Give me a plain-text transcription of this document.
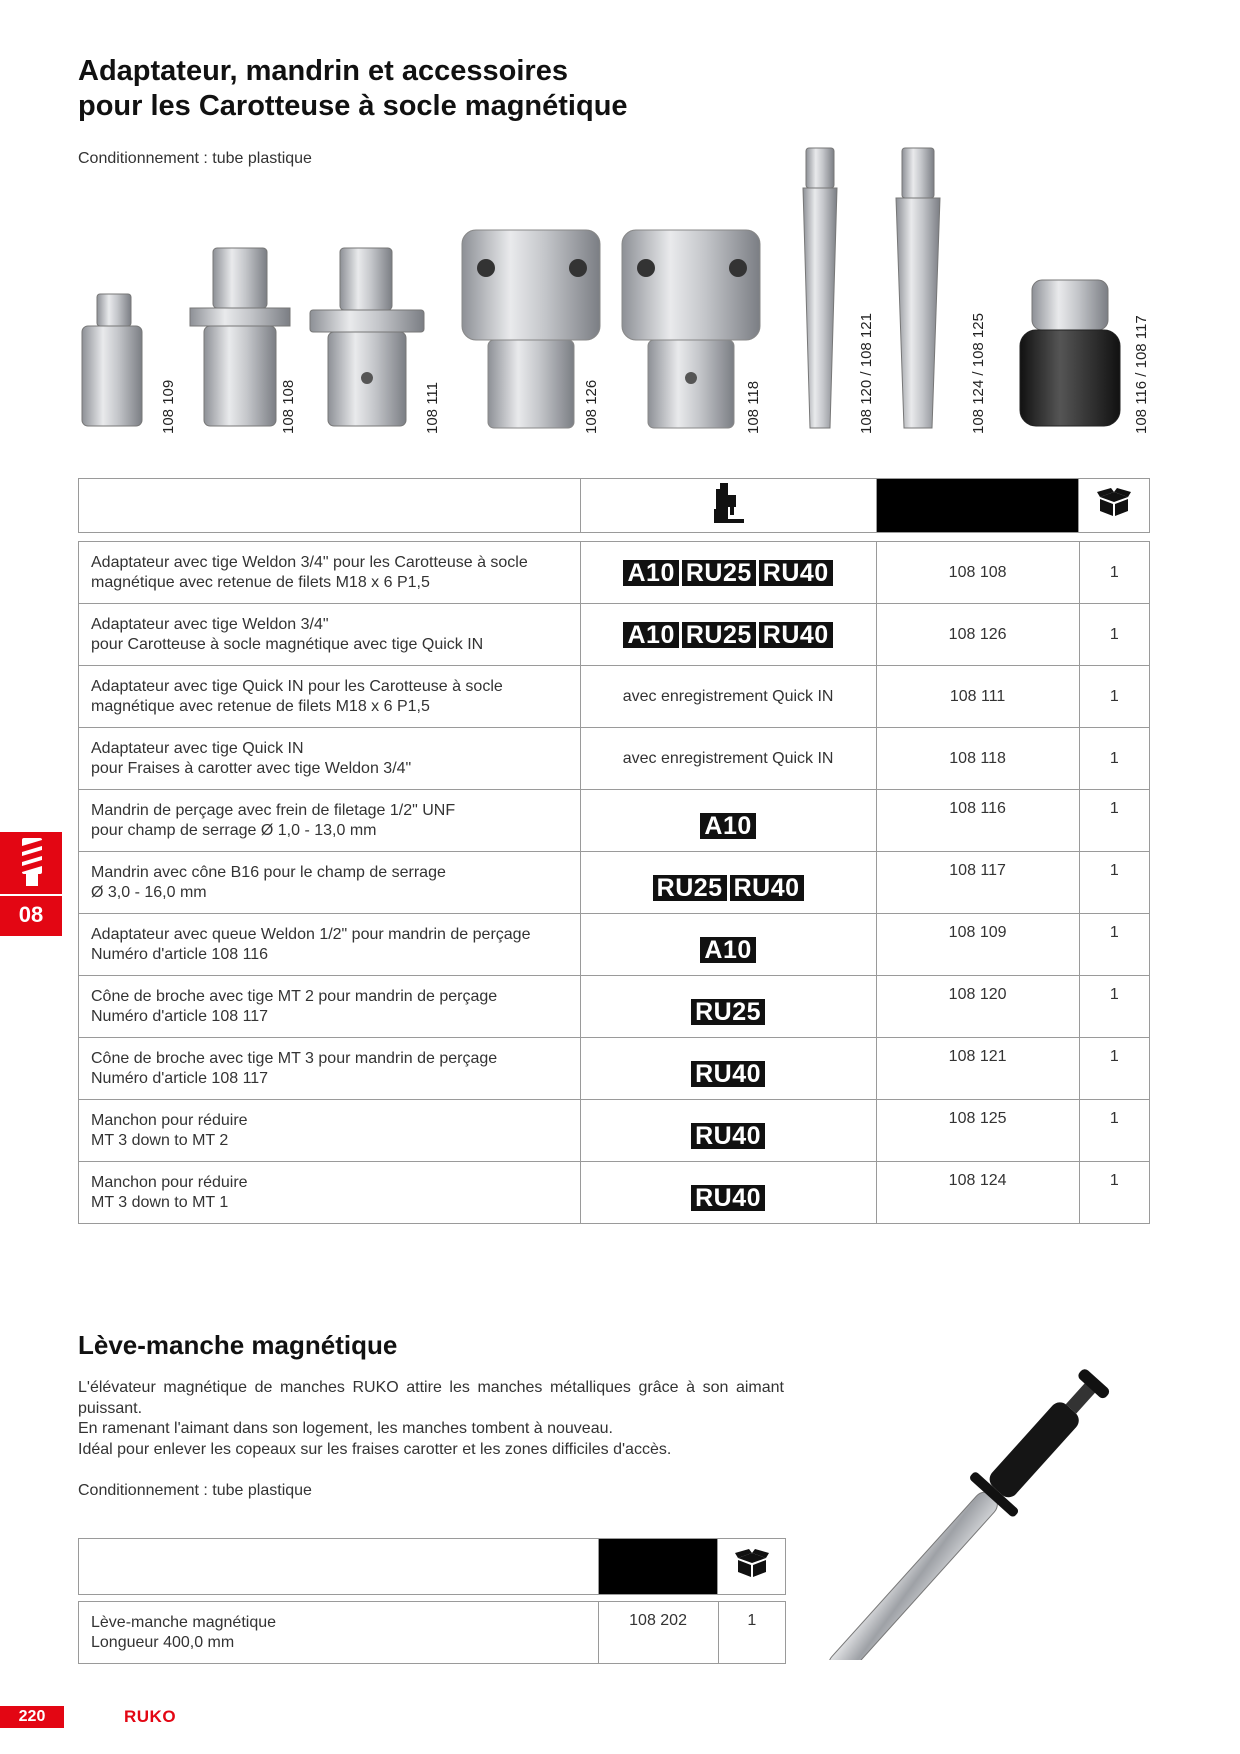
Adaptateur, mandrin et accessoires
pour les Carotteuse à socle magnétique
Conditionnement : tube plastique
108 109	108 108	108 111	108 126	108 118	108 120 / 108 121	108 124 / 108 125	108 116 / 108 117

Adaptateur avec tige Weldon 3/4" pour les Carotteuse à socle
magnétique avec retenue de filets M18 x 6 P1,5	A10 RU25 RU40	108 108	1
Adaptateur avec tige Weldon 3/4"
pour Carotteuse à socle magnétique avec tige Quick IN	A10 RU25 RU40	108 126	1
Adaptateur avec tige Quick IN pour les Carotteuse à socle
magnétique avec retenue de filets M18 x 6 P1,5	avec enregistrement Quick IN	108 111	1
Adaptateur avec tige Quick IN
pour Fraises à carotter avec tige Weldon 3/4"	avec enregistrement Quick IN	108 118	1
Mandrin de perçage avec frein de filetage 1/2" UNF
pour champ de serrage Ø 1,0 - 13,0 mm	A10	108 116	1
Mandrin avec cône B16 pour le champ de serrage
Ø 3,0 - 16,0 mm	RU25 RU40	108 117	1
Adaptateur avec queue Weldon 1/2" pour mandrin de perçage
Numéro d'article 108 116	A10	108 109	1
Cône de broche avec tige MT 2 pour mandrin de perçage
Numéro d'article 108 117	RU25	108 120	1
Cône de broche avec tige MT 3 pour mandrin de perçage
Numéro d'article 108 117	RU40	108 121	1
Manchon pour réduire
MT 3 down to MT 2	RU40	108 125	1
Manchon pour réduire
MT 3 down to MT 1	RU40	108 124	1
08
Lève-manche magnétique

L'élévateur magnétique de manches RUKO attire les manches métalliques grâce à son aimant puissant.

En ramenant l'aimant dans son logement, les manches tombent à nouveau.

Idéal pour enlever les copeaux sur les fraises carotter et les zones difficiles d'accès.

Conditionnement : tube plastique

Lève-manche magnétique
Longueur 400,0 mm	108 202	1
220	RUKO
